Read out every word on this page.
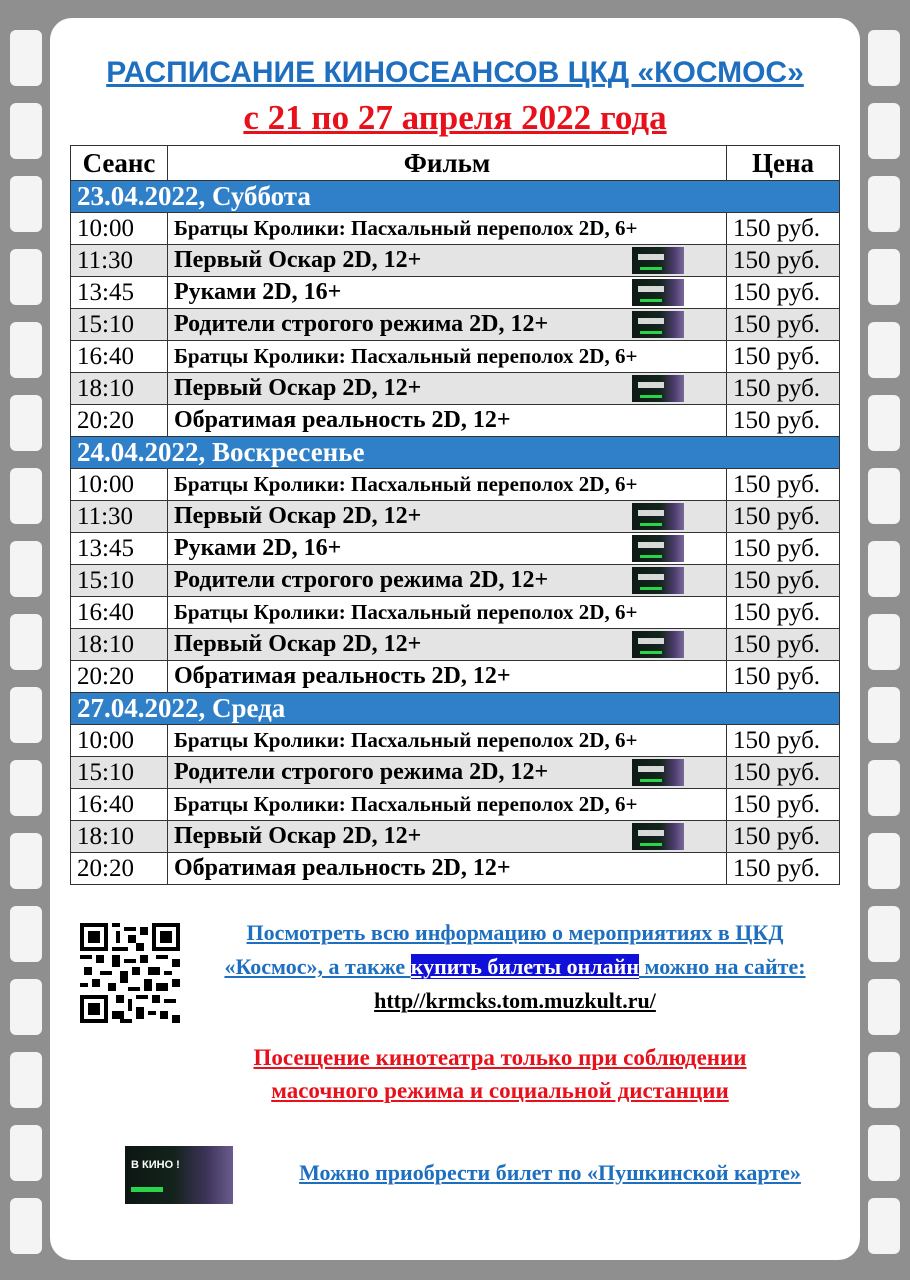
РАСПИСАНИЕ КИНОСЕАНСОВ ЦКД «КОСМОС»
с 21 по 27 апреля 2022 года
Сеанс	Фильм	Цена
23.04.2022, Суббота		
10:00	Братцы Кролики: Пасхальный переполох 2D, 6+	150 руб.
11:30	Первый Оскар 2D, 12+	150 руб.
13:45	Руками 2D, 16+	150 руб.
15:10	Родители строгого режима 2D, 12+	150 руб.
16:40	Братцы Кролики: Пасхальный переполох 2D, 6+	150 руб.
18:10	Первый Оскар 2D, 12+	150 руб.
20:20	Обратимая реальность 2D, 12+	150 руб.
24.04.2022, Воскресенье		
10:00	Братцы Кролики: Пасхальный переполох 2D, 6+	150 руб.
11:30	Первый Оскар 2D, 12+	150 руб.
13:45	Руками 2D, 16+	150 руб.
15:10	Родители строгого режима 2D, 12+	150 руб.
16:40	Братцы Кролики: Пасхальный переполох 2D, 6+	150 руб.
18:10	Первый Оскар 2D, 12+	150 руб.
20:20	Обратимая реальность 2D, 12+	150 руб.
27.04.2022, Среда		
10:00	Братцы Кролики: Пасхальный переполох 2D, 6+	150 руб.
15:10	Родители строгого режима 2D, 12+	150 руб.
16:40	Братцы Кролики: Пасхальный переполох 2D, 6+	150 руб.
18:10	Первый Оскар 2D, 12+	150 руб.
20:20	Обратимая реальность 2D, 12+	150 руб.
Посмотреть всю информацию о мероприятиях в ЦКД
«Космос», а также купить билеты онлайн можно на сайте:
http//krmcks.tom.muzkult.ru/
Посещение кинотеатра только при соблюдении
масочного режима и социальной дистанции
В КИНО !	Можно приобрести билет по «Пушкинской карте»
